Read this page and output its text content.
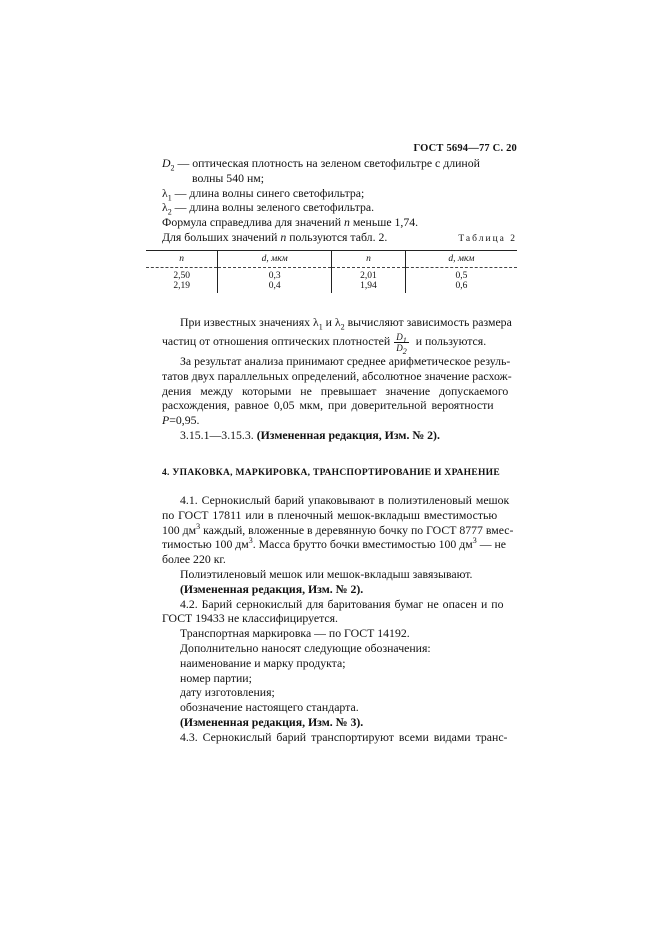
ГОСТ 5694—77 С. 20
$D_2$ — оптическая плотность на зеленом светофильтре с длиной
волны 540 нм;
$\lambda_1$ — длина волны синего светофильтра;
$\lambda_2$ — длина волны зеленого светофильтра.
Формула справедлива для значений n меньше 1,74.
Для больших значений n пользуются табл. 2.	Таблица 2
n	d, мкм	n	d, мкм
2,50	0,3	2,01	0,5
2,19	0,4	1,94	0,6
При известных значениях $\lambda_1$ и $\lambda_2$ вычисляют зависимость размера
частиц от отношения оптических плотностей $\frac{D_1}{D_2}$ и пользуются.
За результат анализа принимают среднее арифметическое резуль-
татов двух параллельных определений, абсолютное значение расхож-
дения между которыми не превышает значение допускаемого
расхождения, равное 0,05 мкм, при доверительной вероятности
P=0,95.
3.15.1—3.15.3. (Измененная редакция, Изм. № 2).
4. УПАКОВКА, МАРКИРОВКА, ТРАНСПОРТИРОВАНИЕ И ХРАНЕНИЕ
4.1. Сернокислый барий упаковывают в полиэтиленовый мешок
по ГОСТ 17811 или в пленочный мешок-вкладыш вместимостью
100 $дм^3$ каждый, вложенные в деревянную бочку по ГОСТ 8777 вмес-
тимостью 100 $дм^3$. Масса брутто бочки вместимостью 100 $дм^3$ — не
более 220 кг.
Полиэтиленовый мешок или мешок-вкладыш завязывают.
(Измененная редакция, Изм. № 2).
4.2. Барий сернокислый для баритования бумаг не опасен и по
ГОСТ 19433 не классифицируется.
Транспортная маркировка — по ГОСТ 14192.
Дополнительно наносят следующие обозначения:
наименование и марку продукта;
номер партии;
дату изготовления;
обозначение настоящего стандарта.
(Измененная редакция, Изм. № 3).
4.3. Сернокислый барий транспортируют всеми видами транс-
